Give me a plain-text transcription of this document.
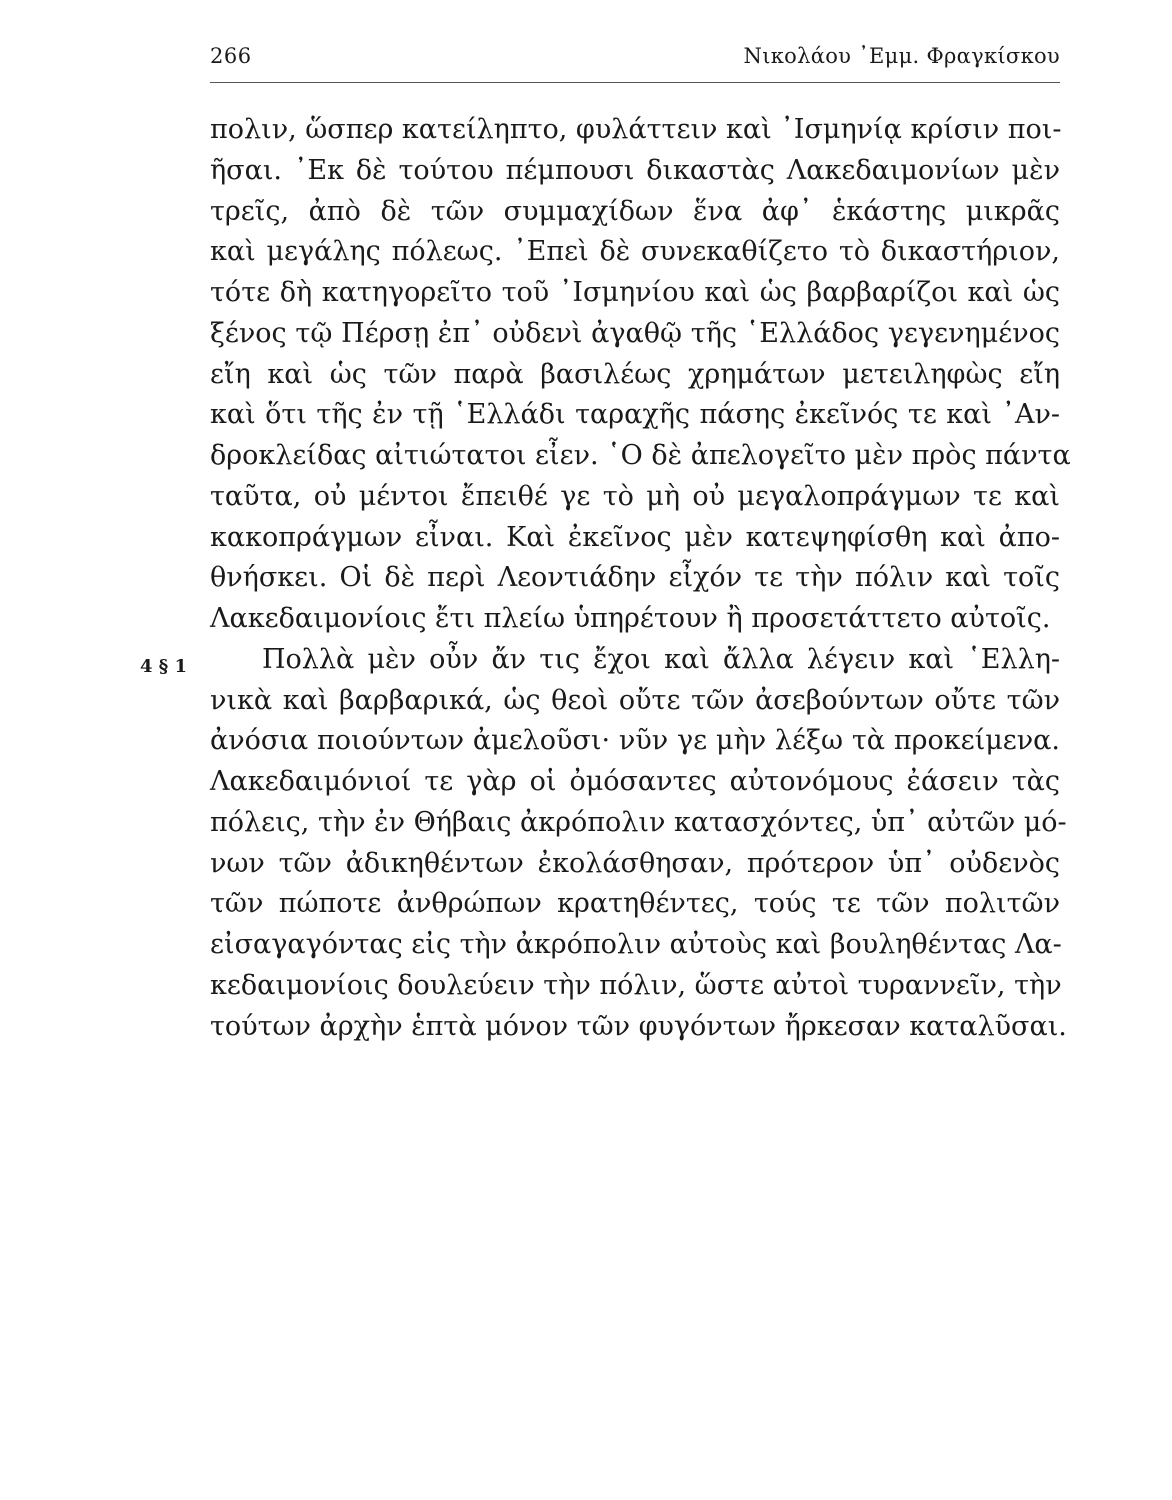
266	Νικολάου ᾿Εμμ. Φραγκίσκου
4 § 1
πολιν, ὥσπερ κατείληπτο, φυλάττειν καὶ ᾿Ισμηνίᾳ κρίσιν ποι-
ῆσαι. ᾿Εκ δὲ τούτου πέμπουσι δικαστὰς Λακεδαιμονίων μὲν
τρεῖς, ἀπὸ δὲ τῶν συμμαχίδων ἕνα ἀφ᾿ ἑκάστης μικρᾶς
καὶ μεγάλης πόλεως. ᾿Επεὶ δὲ συνεκαθίζετο τὸ δικαστήριον,
τότε δὴ κατηγορεῖτο τοῦ ᾿Ισμηνίου καὶ ὡς βαρβαρίζοι καὶ ὡς
ξένος τῷ Πέρσῃ ἐπ᾿ οὐδενὶ ἀγαθῷ τῆς ῾Ελλάδος γεγενημένος
εἴη καὶ ὡς τῶν παρὰ βασιλέως χρημάτων μετειληφὼς εἴη
καὶ ὅτι τῆς ἐν τῇ ῾Ελλάδι ταραχῆς πάσης ἐκεῖνός τε καὶ ᾿Αν-
δροκλείδας αἰτιώτατοι εἶεν. ῾Ο δὲ ἀπελογεῖτο μὲν πρὸς πάντα
ταῦτα, οὐ μέντοι ἔπειθέ γε τὸ μὴ οὐ μεγαλοπράγμων τε καὶ
κακοπράγμων εἶναι. Καὶ ἐκεῖνος μὲν κατεψηφίσθη καὶ ἀπο-
θνήσκει. Οἱ δὲ περὶ Λεοντιάδην εἶχόν τε τὴν πόλιν καὶ τοῖς
Λακεδαιμονίοις ἔτι πλείω ὑπηρέτουν ἢ προσετάττετο αὐτοῖς.
Πολλὰ μὲν οὖν ἄν τις ἔχοι καὶ ἄλλα λέγειν καὶ ῾Ελλη-
νικὰ καὶ βαρβαρικά, ὡς θεοὶ οὔτε τῶν ἀσεβούντων οὔτε τῶν
ἀνόσια ποιούντων ἀμελοῦσι· νῦν γε μὴν λέξω τὰ προκείμενα.
Λακεδαιμόνιοί τε γὰρ οἱ ὀμόσαντες αὐτονόμους ἐάσειν τὰς
πόλεις, τὴν ἐν Θήβαις ἀκρόπολιν κατασχόντες, ὑπ᾿ αὐτῶν μό-
νων τῶν ἀδικηθέντων ἐκολάσθησαν, πρότερον ὑπ᾿ οὐδενὸς
τῶν πώποτε ἀνθρώπων κρατηθέντες, τούς τε τῶν πολιτῶν
εἰσαγαγόντας εἰς τὴν ἀκρόπολιν αὐτοὺς καὶ βουληθέντας Λα-
κεδαιμονίοις δουλεύειν τὴν πόλιν, ὥστε αὐτοὶ τυραννεῖν, τὴν
τούτων ἀρχὴν ἑπτὰ μόνον τῶν φυγόντων ἤρκεσαν καταλῦσαι.
